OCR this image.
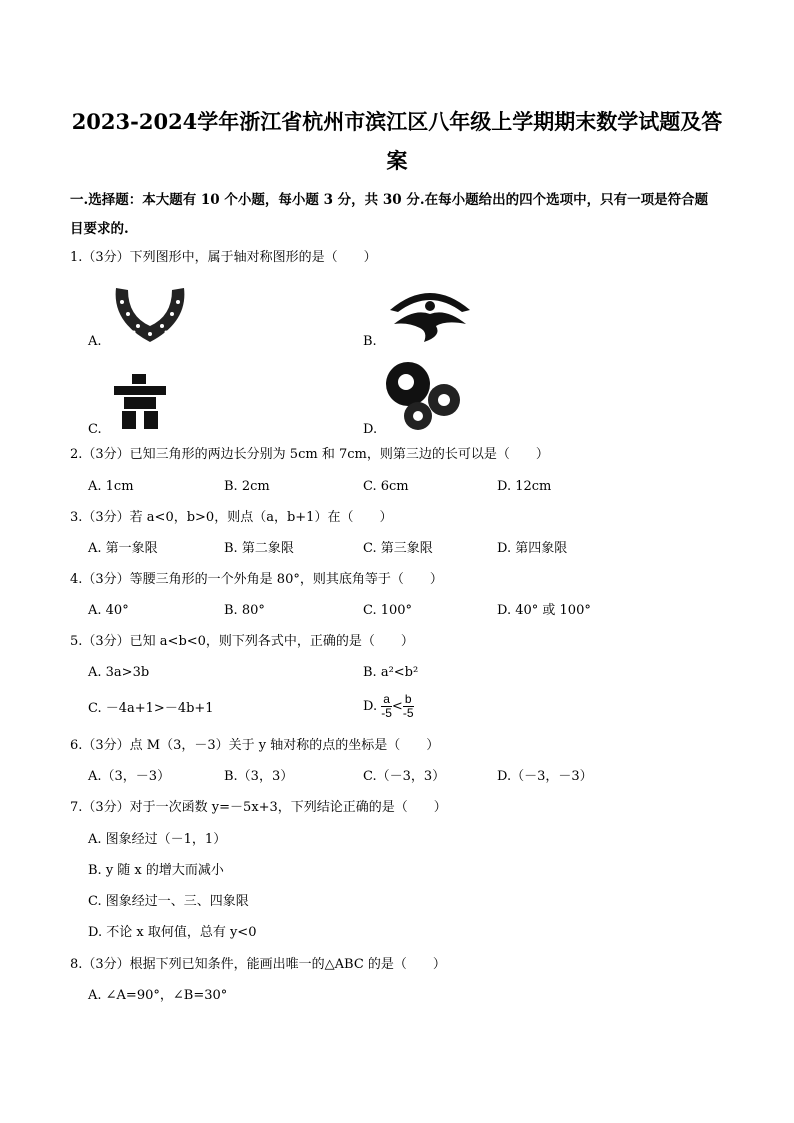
2023-2024学年浙江省杭州市滨江区八年级上学期期末数学试题及答
案
一.选择题：本大题有 10 个小题，每小题 3 分，共 30 分.在每小题给出的四个选项中，只有一项是符合题
目要求的.
1.（3分）下列图形中，属于轴对称图形的是（　　）
A.	B.
C.	D.
2.（3分）已知三角形的两边长分别为 5cm 和 7cm，则第三边的长可以是（　　）
A. 1cm	B. 2cm	C. 6cm	D. 12cm
3.（3分）若 a<0，b>0，则点（a，b+1）在（　　）
A. 第一象限	B. 第二象限	C. 第三象限	D. 第四象限
4.（3分）等腰三角形的一个外角是 80°，则其底角等于（　　）
A. 40°	B. 80°	C. 100°	D. 40° 或 100°
5.（3分）已知 a<b<0，则下列各式中，正确的是（　　）
A. 3a>3b	B. a²<b²
C. －4a+1>－4b+1	D. $\frac{a}{-5} < \frac{b}{-5}$
6.（3分）点 M（3，－3）关于 y 轴对称的点的坐标是（　　）
A.（3，－3）	B.（3，3）	C.（－3，3）	D.（－3，－3）
7.（3分）对于一次函数 y=－5x+3，下列结论正确的是（　　）
A. 图象经过（－1，1）
B. y 随 x 的增大而减小
C. 图象经过一、三、四象限
D. 不论 x 取何值，总有 y<0
8.（3分）根据下列已知条件，能画出唯一的△ABC 的是（　　）
A. ∠A=90°，∠B=30°
